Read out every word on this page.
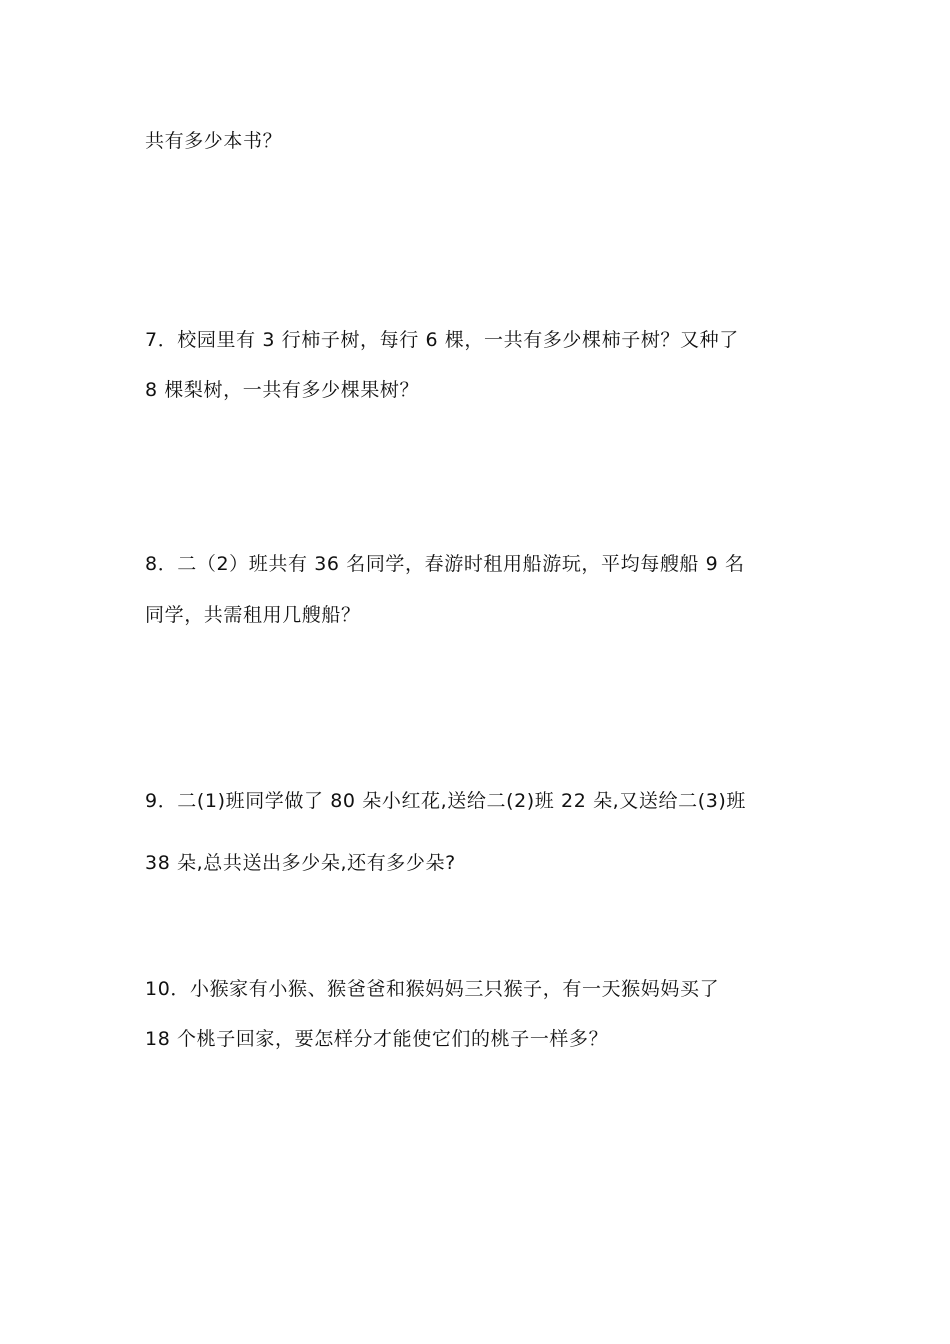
共有多少本书？
7．校园里有 3 行柿子树，每行 6 棵，一共有多少棵柿子树？又种了
8 棵梨树，一共有多少棵果树？
8．二（2）班共有 36 名同学，春游时租用船游玩，平均每艘船 9 名
同学，共需租用几艘船？
9．二(1)班同学做了 80 朵小红花,送给二(2)班 22 朵,又送给二(3)班
38 朵,总共送出多少朵,还有多少朵?
10．小猴家有小猴、猴爸爸和猴妈妈三只猴子，有一天猴妈妈买了
18 个桃子回家，要怎样分才能使它们的桃子一样多？
